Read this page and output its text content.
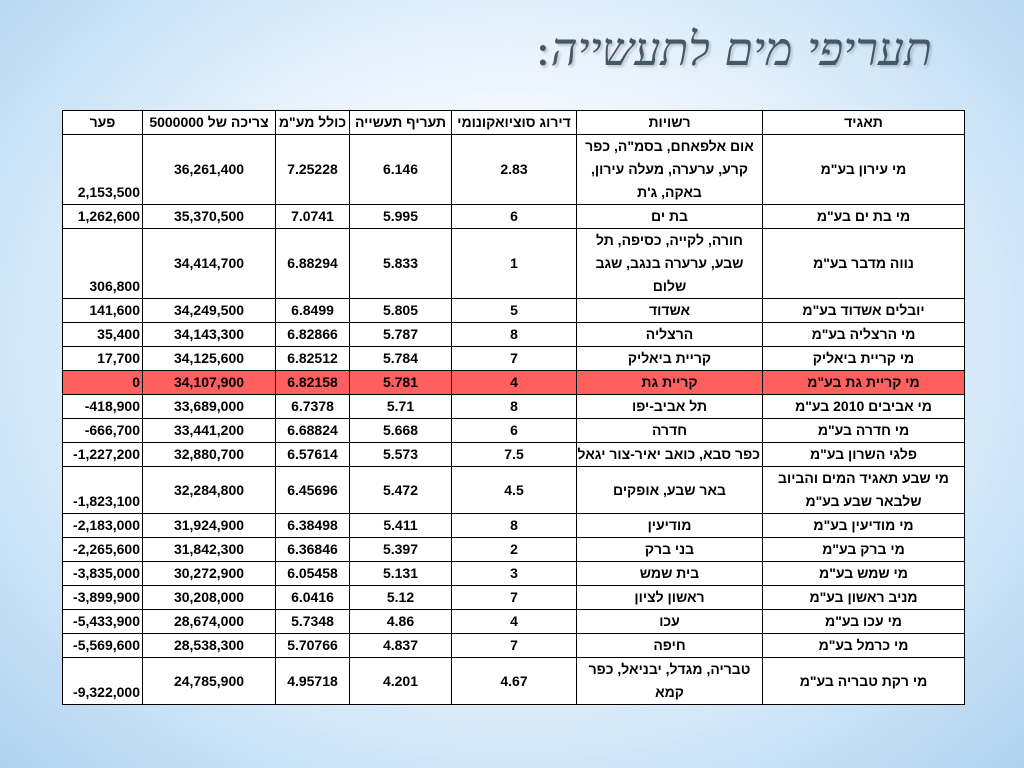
תעריפי מים לתעשייה:
פער	צריכה של 5000000	כולל מע"מ	תעריף תעשייה	דירוג סוציואקונומי	רשויות	תאגיד
2,153,500	36,261,400	7.25228	6.146	2.83	אום אלפאחם, בסמ"ה, כפר קרע, ערערה, מעלה עירון, באקה, ג'ת	מי עירון בע"מ
1,262,600	35,370,500	7.0741	5.995	6	בת ים	מי בת ים בע"מ
306,800	34,414,700	6.88294	5.833	1	חורה, לקייה, כסיפה, תל שבע, ערערה בנגב, שגב שלום	נווה מדבר בע"מ
141,600	34,249,500	6.8499	5.805	5	אשדוד	יובלים אשדוד בע"מ
35,400	34,143,300	6.82866	5.787	8	הרצליה	מי הרצליה בע"מ
17,700	34,125,600	6.82512	5.784	7	קריית ביאליק	מי קריית ביאליק
0	34,107,900	6.82158	5.781	4	קריית גת	מי קריית גת בע"מ
-418,900	33,689,000	6.7378	5.71	8	תל אביב-יפו	מי אביבים 2010 בע"מ
-666,700	33,441,200	6.68824	5.668	6	חדרה	מי חדרה בע"מ
-1,227,200	32,880,700	6.57614	5.573	7.5	כפר סבא, כואב יאיר-צור יגאל	פלגי השרון בע"מ
-1,823,100	32,284,800	6.45696	5.472	4.5	באר שבע, אופקים	מי שבע תאגיד המים והביוב שלבאר שבע בע"מ
-2,183,000	31,924,900	6.38498	5.411	8	מודיעין	מי מודיעין בע"מ
-2,265,600	31,842,300	6.36846	5.397	2	בני ברק	מי ברק בע"מ
-3,835,000	30,272,900	6.05458	5.131	3	בית שמש	מי שמש בע"מ
-3,899,900	30,208,000	6.0416	5.12	7	ראשון לציון	מניב ראשון בע"מ
-5,433,900	28,674,000	5.7348	4.86	4	עכו	מי עכו בע"מ
-5,569,600	28,538,300	5.70766	4.837	7	חיפה	מי כרמל בע"מ
-9,322,000	24,785,900	4.95718	4.201	4.67	טבריה, מגדל, יבניאל, כפר קמא	מי רקת טבריה בע"מ
